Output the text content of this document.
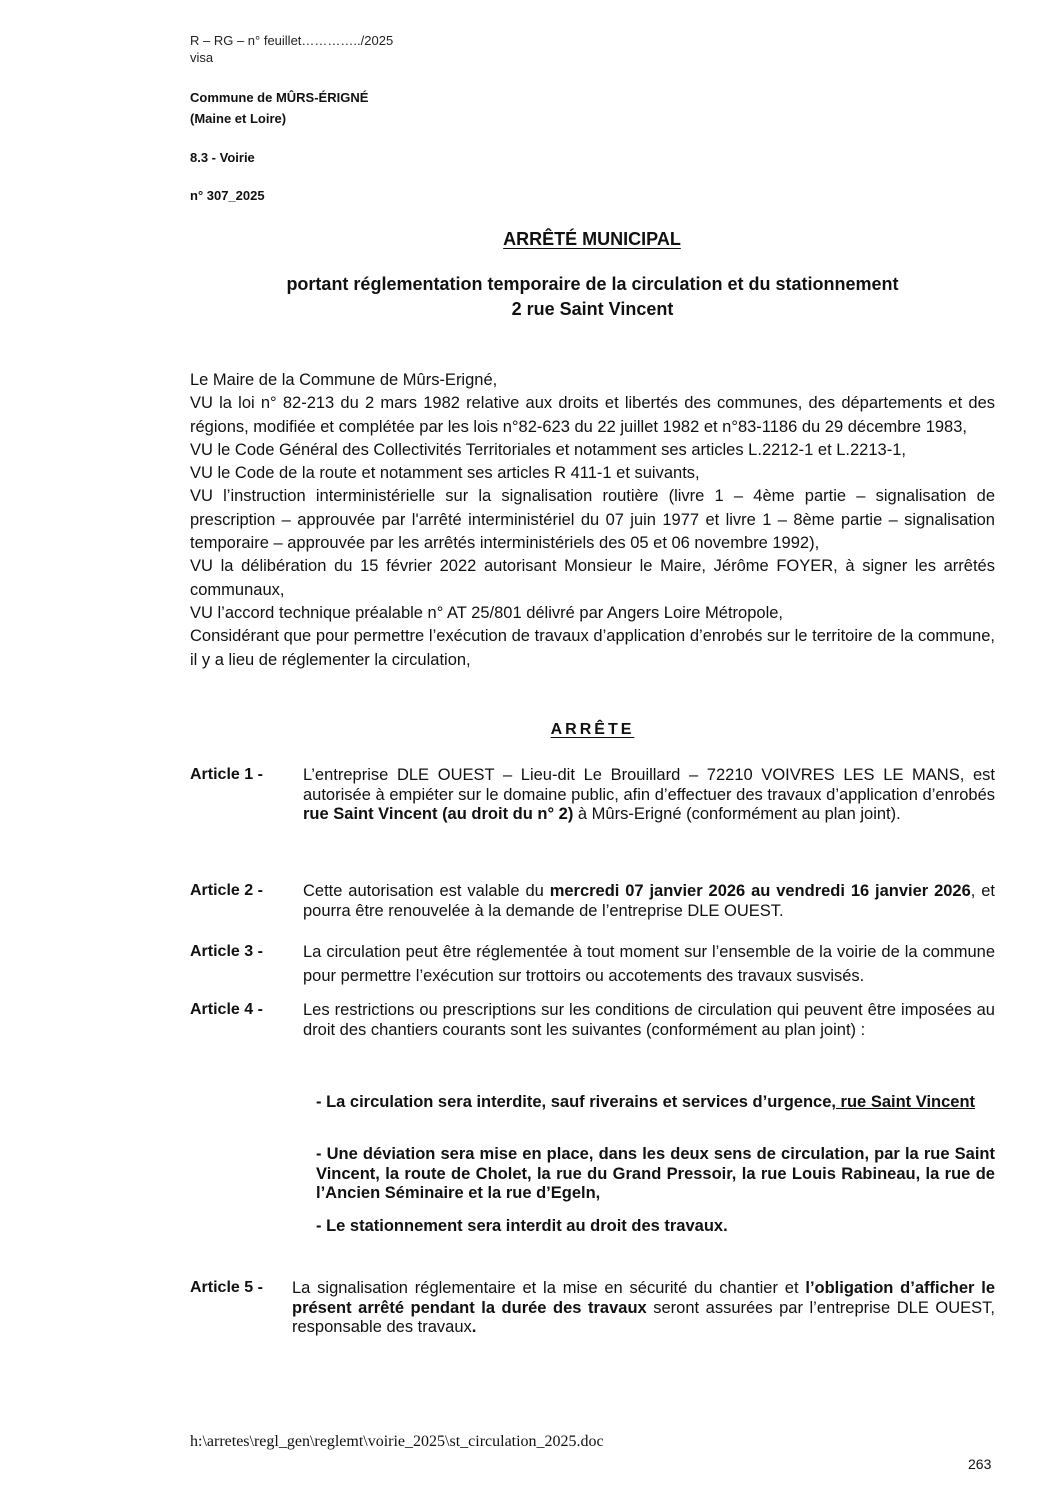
R – RG – n° feuillet…………../2025
visa
Commune de MÛRS-ÉRIGNÉ
(Maine et Loire)
8.3 - Voirie
n° 307_2025
ARRÊTÉ MUNICIPAL
portant réglementation temporaire de la circulation et du stationnement
2 rue Saint Vincent

Le Maire de la Commune de Mûrs-Erigné,

VU la loi n° 82-213 du 2 mars 1982 relative aux droits et libertés des communes, des départements et des régions, modifiée et complétée par les lois n°82-623 du 22 juillet 1982 et n°83-1186 du 29 décembre 1983,

VU le Code Général des Collectivités Territoriales et notamment ses articles L.2212-1 et L.2213-1,

VU le Code de la route et notamment ses articles R 411-1 et suivants,

VU l’instruction interministérielle sur la signalisation routière (livre 1 – 4ème partie – signalisation de prescription – approuvée par l'arrêté interministériel du 07 juin 1977 et livre 1 – 8ème partie – signalisation temporaire – approuvée par les arrêtés interministériels des 05 et 06 novembre 1992),

VU la délibération du 15 février 2022 autorisant Monsieur le Maire, Jérôme FOYER, à signer les arrêtés communaux,

VU l’accord technique préalable n° AT 25/801 délivré par Angers Loire Métropole,

Considérant que pour permettre l’exécution de travaux d’application d’enrobés sur le territoire de la commune, il y a lieu de réglementer la circulation,

ARRÊTE
Article 1 - L’entreprise DLE OUEST – Lieu-dit Le Brouillard – 72210 VOIVRES LES LE MANS, est autorisée à empiéter sur le domaine public, afin d’effectuer des travaux d’application d’enrobés rue Saint Vincent (au droit du n° 2) à Mûrs-Erigné (conformément au plan joint).
Article 2 - Cette autorisation est valable du mercredi 07 janvier 2026 au vendredi 16 janvier 2026, et pourra être renouvelée à la demande de l’entreprise DLE OUEST.
Article 3 - La circulation peut être réglementée à tout moment sur l’ensemble de la voirie de la commune pour permettre l’exécution sur trottoirs ou accotements des travaux susvisés.
Article 4 - Les restrictions ou prescriptions sur les conditions de circulation qui peuvent être imposées au droit des chantiers courants sont les suivantes (conformément au plan joint) :
- La circulation sera interdite, sauf riverains et services d’urgence, rue Saint Vincent
- Une déviation sera mise en place, dans les deux sens de circulation, par la rue Saint Vincent, la route de Cholet, la rue du Grand Pressoir, la rue Louis Rabineau, la rue de l’Ancien Séminaire et la rue d’Egeln,
- Le stationnement sera interdit au droit des travaux.
Article 5 - La signalisation réglementaire et la mise en sécurité du chantier et l’obligation d’afficher le présent arrêté pendant la durée des travaux seront assurées par l’entreprise DLE OUEST, responsable des travaux.
h:\arretes\regl_gen\reglemt\voirie_2025\st_circulation_2025.doc
263
